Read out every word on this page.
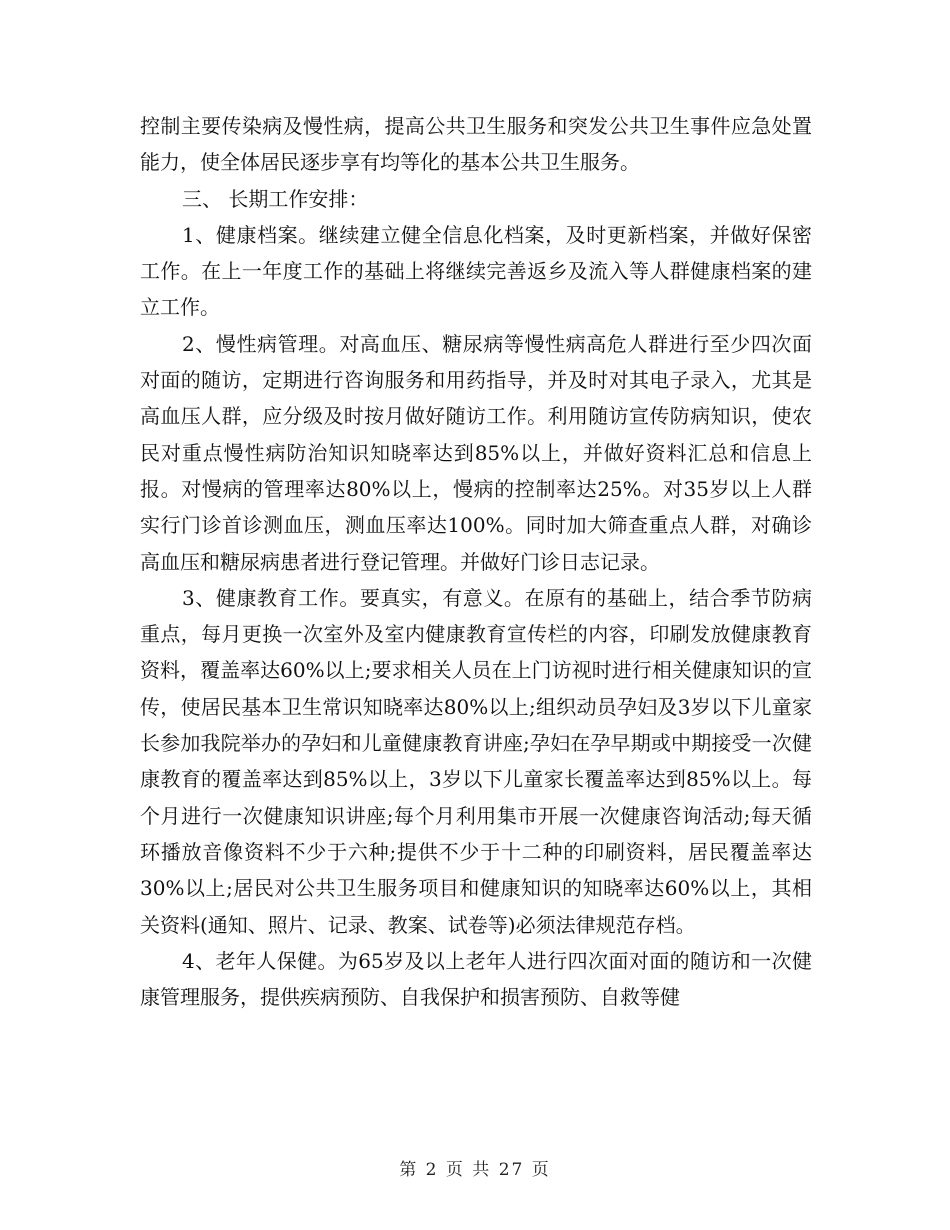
控制主要传染病及慢性病，提高公共卫生服务和突发公共卫生事件应急处置能力，使全体居民逐步享有均等化的基本公共卫生服务。

三、 长期工作安排：

1、健康档案。继续建立健全信息化档案，及时更新档案，并做好保密工作。在上一年度工作的基础上将继续完善返乡及流入等人群健康档案的建立工作。

2、慢性病管理。对高血压、糖尿病等慢性病高危人群进行至少四次面对面的随访，定期进行咨询服务和用药指导，并及时对其电子录入，尤其是高血压人群，应分级及时按月做好随访工作。利用随访宣传防病知识，使农民对重点慢性病防治知识知晓率达到85%以上，并做好资料汇总和信息上报。对慢病的管理率达80%以上，慢病的控制率达25%。对35岁以上人群实行门诊首诊测血压，测血压率达100%。同时加大筛查重点人群，对确诊高血压和糖尿病患者进行登记管理。并做好门诊日志记录。

3、健康教育工作。要真实，有意义。在原有的基础上，结合季节防病重点，每月更换一次室外及室内健康教育宣传栏的内容，印刷发放健康教育资料，覆盖率达60%以上;要求相关人员在上门访视时进行相关健康知识的宣传，使居民基本卫生常识知晓率达80%以上;组织动员孕妇及3岁以下儿童家长参加我院举办的孕妇和儿童健康教育讲座;孕妇在孕早期或中期接受一次健康教育的覆盖率达到85%以上，3岁以下儿童家长覆盖率达到85%以上。每个月进行一次健康知识讲座;每个月利用集市开展一次健康咨询活动;每天循环播放音像资料不少于六种;提供不少于十二种的印刷资料，居民覆盖率达30%以上;居民对公共卫生服务项目和健康知识的知晓率达60%以上，其相关资料(通知、照片、记录、教案、试卷等)必须法律规范存档。

4、老年人保健。为65岁及以上老年人进行四次面对面的随访和一次健康管理服务，提供疾病预防、自我保护和损害预防、自救等健

第 2 页 共 27 页
